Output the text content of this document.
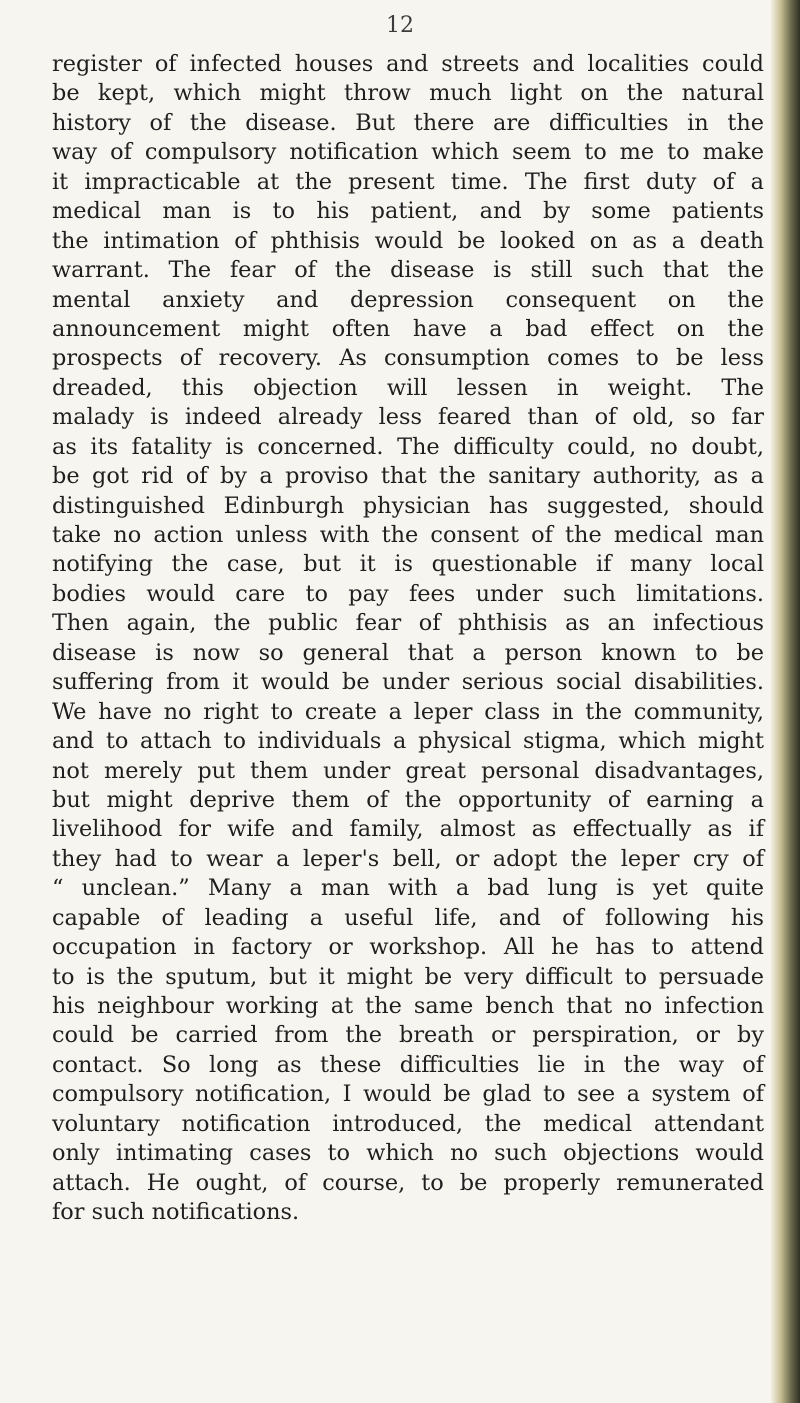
12
register of infected houses and streets and localities could
be kept, which might throw much light on the natural
history of the disease. But there are difficulties in the
way of compulsory notification which seem to me to make
it impracticable at the present time. The first duty of a
medical man is to his patient, and by some patients
the intimation of phthisis would be looked on as a death
warrant. The fear of the disease is still such that the
mental anxiety and depression consequent on the
announcement might often have a bad effect on the
prospects of recovery. As consumption comes to be less
dreaded, this objection will lessen in weight. The
malady is indeed already less feared than of old, so far
as its fatality is concerned. The difficulty could, no doubt,
be got rid of by a proviso that the sanitary authority, as a
distinguished Edinburgh physician has suggested, should
take no action unless with the consent of the medical man
notifying the case, but it is questionable if many local
bodies would care to pay fees under such limitations.
Then again, the public fear of phthisis as an infectious
disease is now so general that a person known to be
suffering from it would be under serious social disabilities.
We have no right to create a leper class in the community,
and to attach to individuals a physical stigma, which might
not merely put them under great personal disadvantages,
but might deprive them of the opportunity of earning a
livelihood for wife and family, almost as effectually as if
they had to wear a leper's bell, or adopt the leper cry of
“ unclean.” Many a man with a bad lung is yet quite
capable of leading a useful life, and of following his
occupation in factory or workshop. All he has to attend
to is the sputum, but it might be very difficult to persuade
his neighbour working at the same bench that no infection
could be carried from the breath or perspiration, or by
contact. So long as these difficulties lie in the way of
compulsory notification, I would be glad to see a system of
voluntary notification introduced, the medical attendant
only intimating cases to which no such objections would
attach. He ought, of course, to be properly remunerated
for such notifications.
